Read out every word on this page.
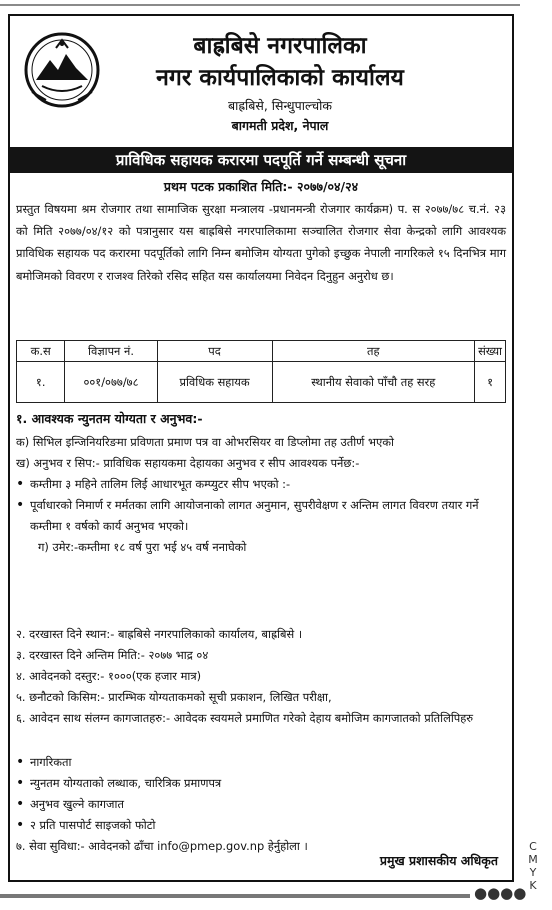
बाह्रबिसे नगरपालिका
नगर कार्यपालिकाको कार्यालय
बाह्रबिसे, सिन्धुपाल्चोक
बागमती प्रदेश, नेपाल
प्राविधिक सहायक करारमा पदपूर्ति गर्ने सम्बन्धी सूचना
प्रथम पटक प्रकाशित मिति:- २०७७/०४/२४
प्रस्तुत विषयमा श्रम रोजगार तथा सामाजिक सुरक्षा मन्त्रालय -प्रधानमन्त्री रोजगार कार्यक्रम) प. स २०७७/७८ च.नं. २३ को मिति २०७७/०४/१२ को पत्रानुसार यस बाह्रबिसे नगरपालिकामा सञ्चालित रोजगार सेवा केन्द्रको लागि आवश्यक प्राविधिक सहायक पद करारमा पदपूर्तिको लागि निम्न बमोजिम योग्यता पुगेको इच्छुक नेपाली नागरिकले १५ दिनभित्र माग बमोजिमको विवरण र राजश्व तिरेको रसिद सहित यस कार्यालयमा निवेदन दिनुहुन अनुरोध छ।
क.स	विज्ञापन नं.	पद	तह	संख्या
१.	००१/०७७/७८	प्रविधिक सहायक	स्थानीय सेवाको पाँचौ तह सरह	१
१. आवश्यक न्युनतम योग्यता र अनुभव:-
क) सिभिल इन्जिनियरिङमा प्रविणता प्रमाण पत्र वा ओभरसियर वा डिप्लोमा तह उतीर्ण भएको
ख) अनुभव र सिप:- प्राविधिक सहायकमा देहायका अनुभव र सीप आवश्यक पर्नेछ:-
• कम्तीमा ३ महिने तालिम लिई आधारभूत कम्प्युटर सीप भएको :-
• पूर्वाधारको निमार्ण र मर्मतका लागि आयोजनाको लागत अनुमान, सुपरीवेक्षण र अन्तिम लागत विवरण तयार गर्ने कम्तीमा १ वर्षको कार्य अनुभव भएको।
ग) उमेर:-कम्तीमा १८ वर्ष पुरा भई ४५ वर्ष ननाघेको
२. दरखास्त दिने स्थान:- बाह्रबिसे नगरपालिकाको कार्यालय, बाह्रबिसे ।
३. दरखास्त दिने अन्तिम मिति:- २०७७ भाद्र ०४
४. आवेदनको दस्तुर:- १०००(एक हजार मात्र)
५. छनौटको किसिम:- प्रारम्भिक योग्यताकमको सूची प्रकाशन, लिखित परीक्षा,
६. आवेदन साथ संलग्न कागजातहरु:- आवेदक स्वयमले प्रमाणित गरेको देहाय बमोजिम कागजातको प्रतिलिपिहरु
• नागरिकता
• न्युनतम योग्यताको लब्धाक, चारित्रिक प्रमाणपत्र
• अनुभव खुल्ने कागजात
• २ प्रति पासपोर्ट साइजको फोटो
७. सेवा सुविधा:- आवेदनको ढाँचा info@pmep.gov.np हेर्नुहोला ।
प्रमुख प्रशासकीय अधिकृत
C
M
Y
K
●●●●
